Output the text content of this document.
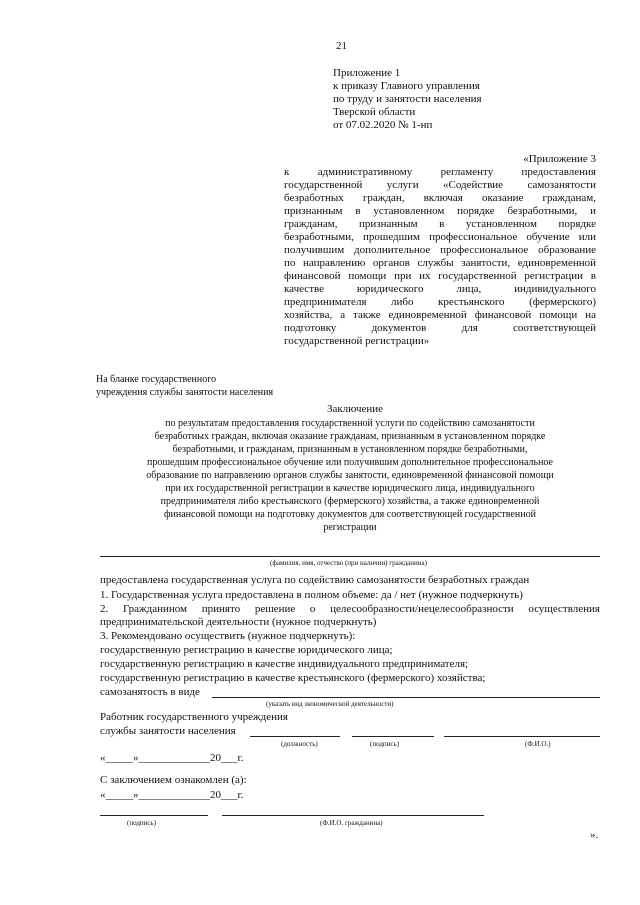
21
Приложение 1
к приказу Главного управления
по труду и занятости населения
Тверской области
от 07.02.2020 № 1-нп
«Приложение 3
к административному регламенту предоставления
государственной услуги «Содействие самозанятости
безработных граждан, включая оказание гражданам,
признанным в установленном порядке безработными, и
гражданам, признанным в установленном порядке
безработными, прошедшим профессиональное обучение или
получившим дополнительное профессиональное образование
по направлению органов службы занятости, единовременной
финансовой помощи при их государственной регистрации в
качестве юридического лица, индивидуального
предпринимателя либо крестьянского (фермерского)
хозяйства, а также единовременной финансовой помощи на
подготовку документов для соответствующей
государственной регистрации»
На бланке государственного
учреждения службы занятости населения
Заключение
по результатам предоставления государственной услуги по содействию самозанятости
безработных граждан, включая оказание гражданам, признанным в установленном порядке
безработными, и гражданам, признанным в установленном порядке безработными,
прошедшим профессиональное обучение или получившим дополнительное профессиональное
образование по направлению органов службы занятости, единовременной финансовой помощи
при их государственной регистрации в качестве юридического лица, индивидуального
предпринимателя либо крестьянского (фермерского) хозяйства, а также единовременной
финансовой помощи на подготовку документов для соответствующей государственной
регистрации
(фамилия, имя, отчество (при наличии) гражданина)
предоставлена государственная услуга по содействию самозанятости безработных граждан
1. Государственная услуга предоставлена в полном объеме: да / нет (нужное подчеркнуть)
2. Гражданином принято решение о целесообразности/нецелесообразности осуществления
предпринимательской деятельности (нужное подчеркнуть)
3. Рекомендовано осуществить (нужное подчеркнуть):
государственную регистрацию в качестве юридического лица;
государственную регистрацию в качестве индивидуального предпринимателя;
государственную регистрацию в качестве крестьянского (фермерского) хозяйства;
самозанятость в виде
(указать вид экономической деятельности)
Работник государственного учреждения
службы занятости населения
(должность)	(подпись)	(Ф.И.О.)
«_____»_____________20___г.
С заключением ознакомлен (а):
«_____»_____________20___г.
(подпись)	(Ф.И.О. гражданина)
».
